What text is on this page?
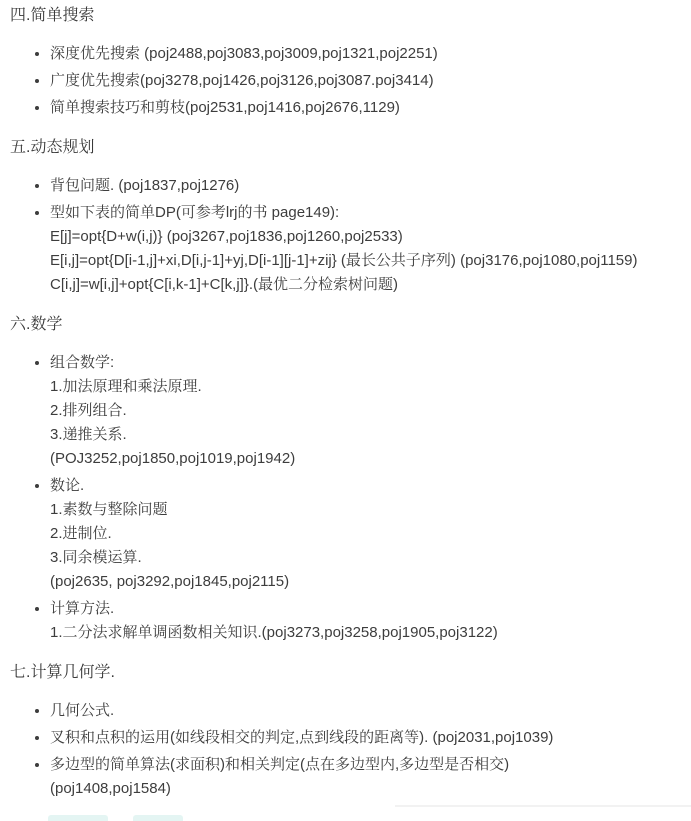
四.简单搜索

• 深度优先搜索 (poj2488,poj3083,poj3009,poj1321,poj2251)
• 广度优先搜索(poj3278,poj1426,poj3126,poj3087.poj3414)
• 简单搜索技巧和剪枝(poj2531,poj1416,poj2676,1129)

五.动态规划

• 背包问题. (poj1837,poj1276)
• 型如下表的简单DP(可参考lrj的书 page149):
E[j]=opt{D+w(i,j)} (poj3267,poj1836,poj1260,poj2533)
E[i,j]=opt{D[i-1,j]+xi,D[i,j-1]+yj,D[i-1][j-1]+zij} (最长公共子序列) (poj3176,poj1080,poj1159)
C[i,j]=w[i,j]+opt{C[i,k-1]+C[k,j]}.(最优二分检索树问题)

六.数学

• 组合数学:
1.加法原理和乘法原理.
2.排列组合.
3.递推关系.
(POJ3252,poj1850,poj1019,poj1942)
• 数论.
1.素数与整除问题
2.进制位.
3.同余模运算.
(poj2635, poj3292,poj1845,poj2115)
• 计算方法.
1.二分法求解单调函数相关知识.(poj3273,poj3258,poj1905,poj3122)

七.计算几何学.

• 几何公式.
• 叉积和点积的运用(如线段相交的判定,点到线段的距离等). (poj2031,poj1039)
• 多边型的简单算法(求面积)和相关判定(点在多边型内,多边型是否相交)
(poj1408,poj1584)
